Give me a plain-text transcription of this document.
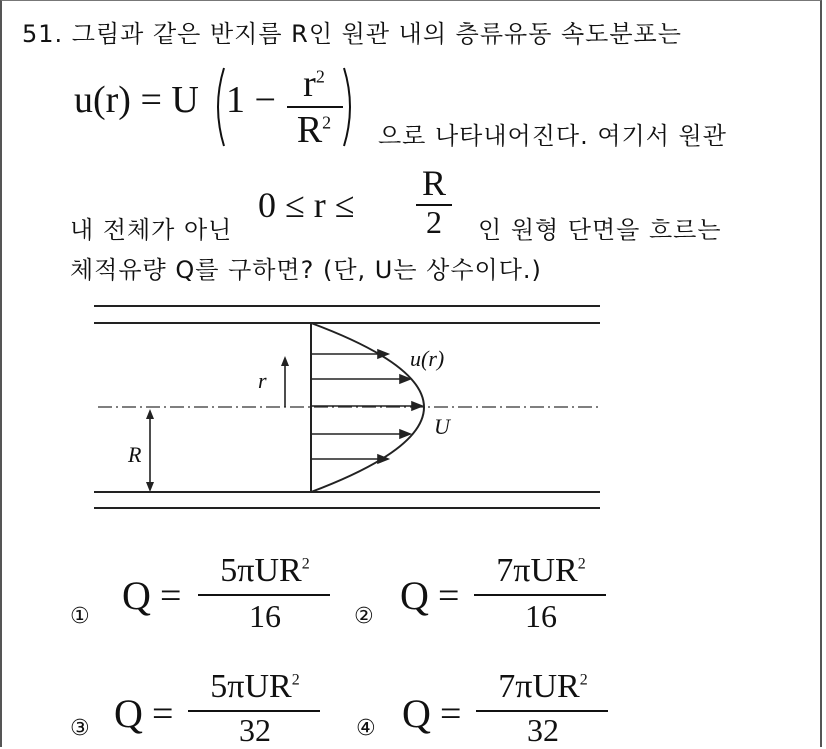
51. 그림과 같은 반지름 R인 원관 내의 층류유동 속도분포는
u(r) = U $1 - r^2$
$R^2$	으로 나타내어진다. 여기서 원관
내 전체가 아닌
0 ≤ r ≤
R
2	인 원형 단면을 흐르는
체적유량 Q를 구하면? (단, U는 상수이다.)
u(r)
r
R
U
① Q =
5πUR$^2$
16	② Q =
7πUR$^2$
16
③ Q =
5πUR$^2$
32	④ Q =
7πUR$^2$
32
